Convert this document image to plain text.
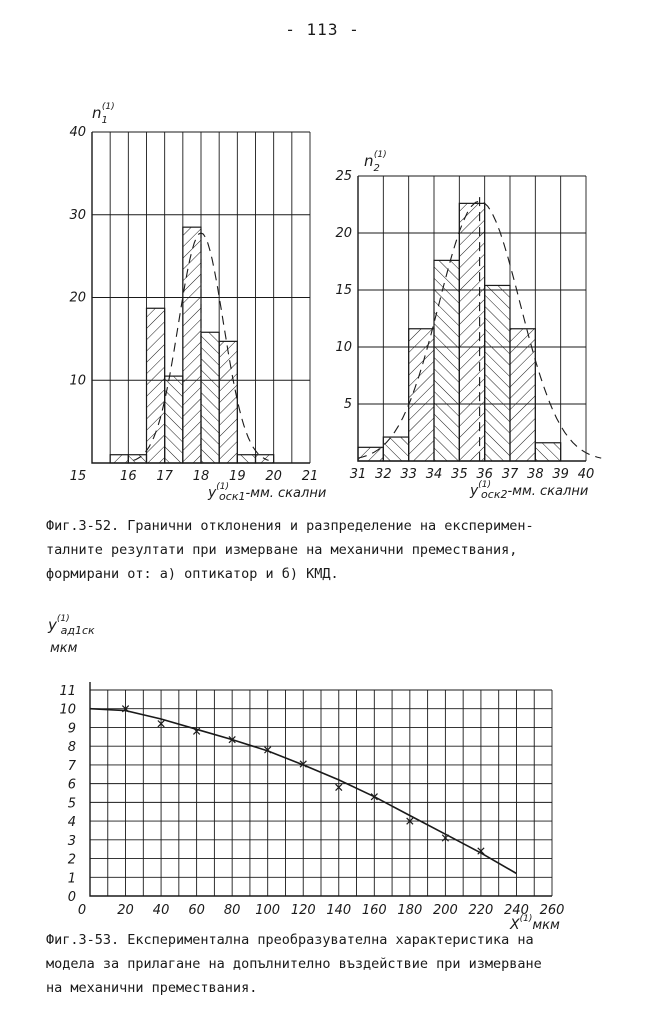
- 113 -
10
20
30
40
15	16 17 18 19 20 21
$n_1(1)$
$y^{(1)}$ оск1-мм. скални
5
10
15
20
25
31 32 33 34 35 36 37 38 39 40
$n_2(1)$
$y^{(1)}$ оск2-мм. скални
Фиг.3-52. Гранични отклонения и разпределение на експеримен-
талните резултати при измерване на механични премествания,
формирани от: а) оптикатор и б) КМД.
0
1
2
3
4
5
6
7
8
9
10
11
0 20 40 60 80 100 120 140 160 180 200 220 240 260
$y^{(1)}$ ад1ск
мкм
$X^{(1)}мкм$
Фиг.3-53. Експериментална преобразувателна характеристика на
модела за прилагане на допълнително въздействие при измерване
на механични премествания.
